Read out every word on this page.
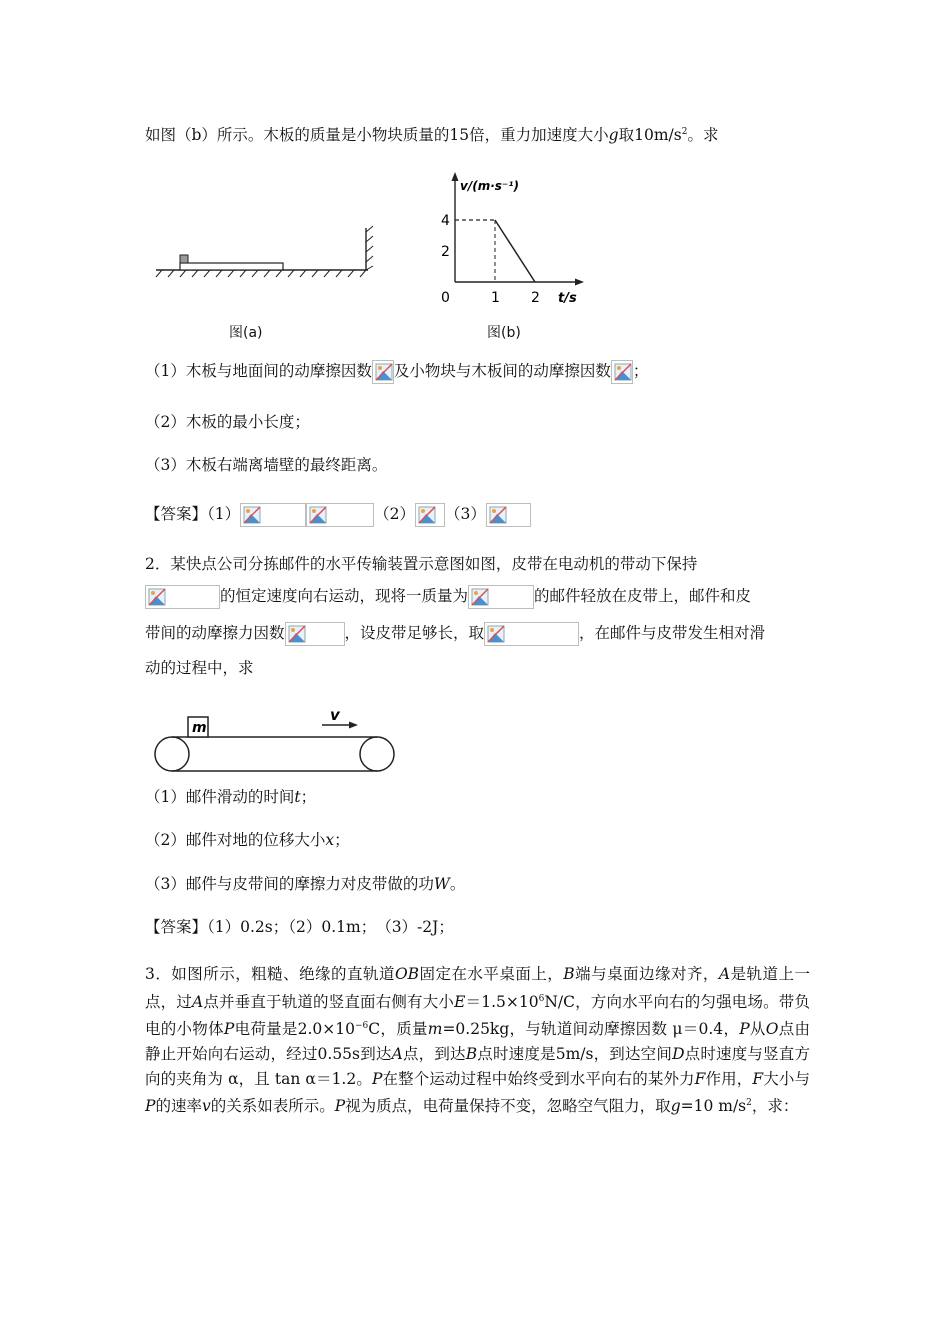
如图（b）所示。木板的质量是小物块质量的15倍，重力加速度大小g取$10m/s^2$。求
图(a)
v/(m·s⁻¹)
t/s
4
2
0	1 2
图(b)
（1）木板与地面间的动摩擦因数 及小物块与木板间的动摩擦因数 ；
（2）木板的最小长度；
（3）木板右端离墙壁的最终距离。
【答案】（1）	（2） （3）
2．某快点公司分拣邮件的水平传输装置示意图如图，皮带在电动机的带动下保持
的恒定速度向右运动，现将一质量为	的邮件轻放在皮带上，邮件和皮
带间的动摩擦力因数	，设皮带足够长，取	，在邮件与皮带发生相对滑
动的过程中，求
m
v
（1）邮件滑动的时间t；
（2）邮件对地的位移大小x；
（3）邮件与皮带间的摩擦力对皮带做的功W。
【答案】（1）0.2s；（2）0.1m；　（3）-2J；
3．如图所示，粗糙、绝缘的直轨道OB固定在水平桌面上，B端与桌面边缘对齐，A是轨道上一点，过A点并垂直于轨道的竖直面右侧有大小$E=1.5\times 10^6N/C$，方向水平向右的匀强电场。带负电的小物体P电荷量是$2.0\times 10^{-6}C$，质量m=0.25kg，与轨道间动摩擦因数 μ＝0.4，P从O点由静止开始向右运动，经过0.55s到达A点，到达B点时速度是5m/s，到达空间D点时速度与竖直方向的夹角为 α，且 tan α＝1.2。P在整个运动过程中始终受到水平向右的某外力F作用，F大小与P的速率v的关系如表所示。P视为质点，电荷量保持不变，忽略空气阻力，取g=10 $m/s^2$，求：
